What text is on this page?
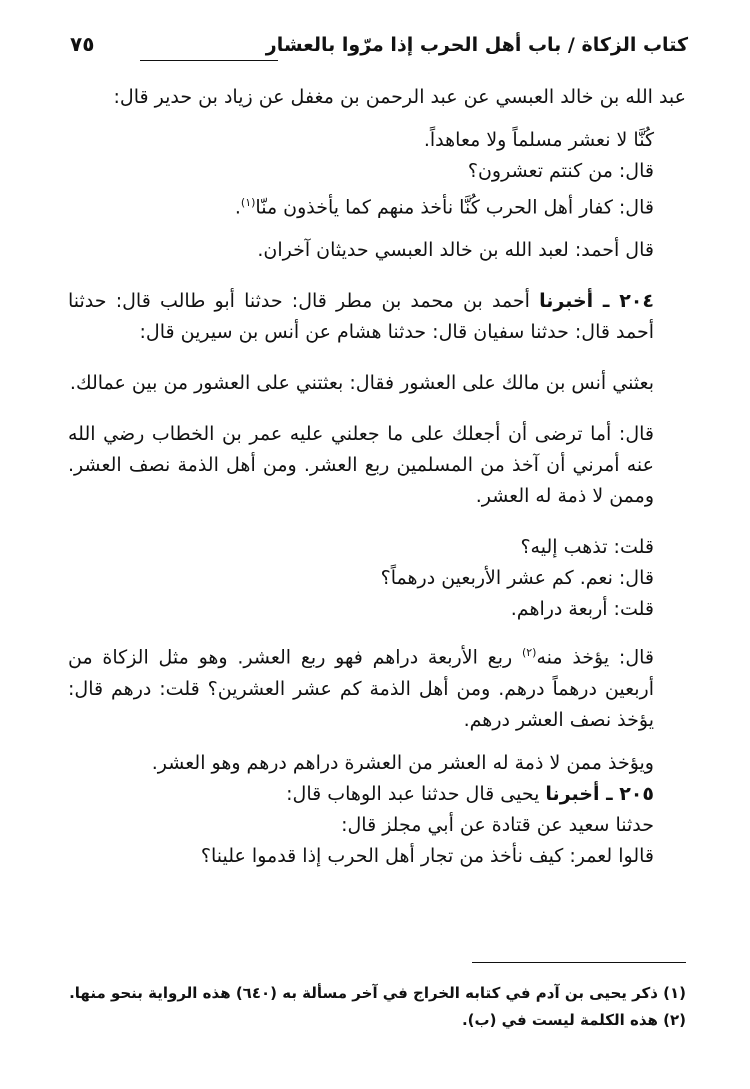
كتاب الزكاة / باب أهل الحرب إذا مرّوا بالعشار
٧٥

عبد الله بن خالد العبسي عن عبد الرحمن بن مغفل عن زياد بن حدير قال:

كُنَّا لا نعشر مسلماً ولا معاهداً.

قال: من كنتم تعشرون؟

قال: كفار أهل الحرب كُنَّا نأخذ منهم كما يأخذون منّا$^{(١)}$.

قال أحمد: لعبد الله بن خالد العبسي حديثان آخران.

٢٠٤ ـ أخبرنا أحمد بن محمد بن مطر قال: حدثنا أبو طالب قال: حدثنا أحمد قال: حدثنا سفيان قال: حدثنا هشام عن أنس بن سيرين قال:

بعثني أنس بن مالك على العشور فقال: بعثتني على العشور من بين عمالك.

قال: أما ترضى أن أجعلك على ما جعلني عليه عمر بن الخطاب رضي الله عنه أمرني أن آخذ من المسلمين ربع العشر. ومن أهل الذمة نصف العشر. وممن لا ذمة له العشر.

قلت: تذهب إليه؟

قال: نعم. كم عشر الأربعين درهماً؟

قلت: أربعة دراهم.

قال: يؤخذ منه$^{(٢)}$ ربع الأربعة دراهم فهو ربع العشر. وهو مثل الزكاة من أربعين درهماً درهم. ومن أهل الذمة كم عشر العشرين؟ قلت: درهم قال: يؤخذ نصف العشر درهم.

ويؤخذ ممن لا ذمة له العشر من العشرة دراهم درهم وهو العشر.

٢٠٥ ـ أخبرنا يحيى قال حدثنا عبد الوهاب قال:

حدثنا سعيد عن قتادة عن أبي مجلز قال:

قالوا لعمر: كيف نأخذ من تجار أهل الحرب إذا قدموا علينا؟

(١) ذكر يحيى بن آدم في كتابه الخراج في آخر مسألة به (٦٤٠) هذه الرواية بنحو منها.

(٢) هذه الكلمة ليست في (ب).
